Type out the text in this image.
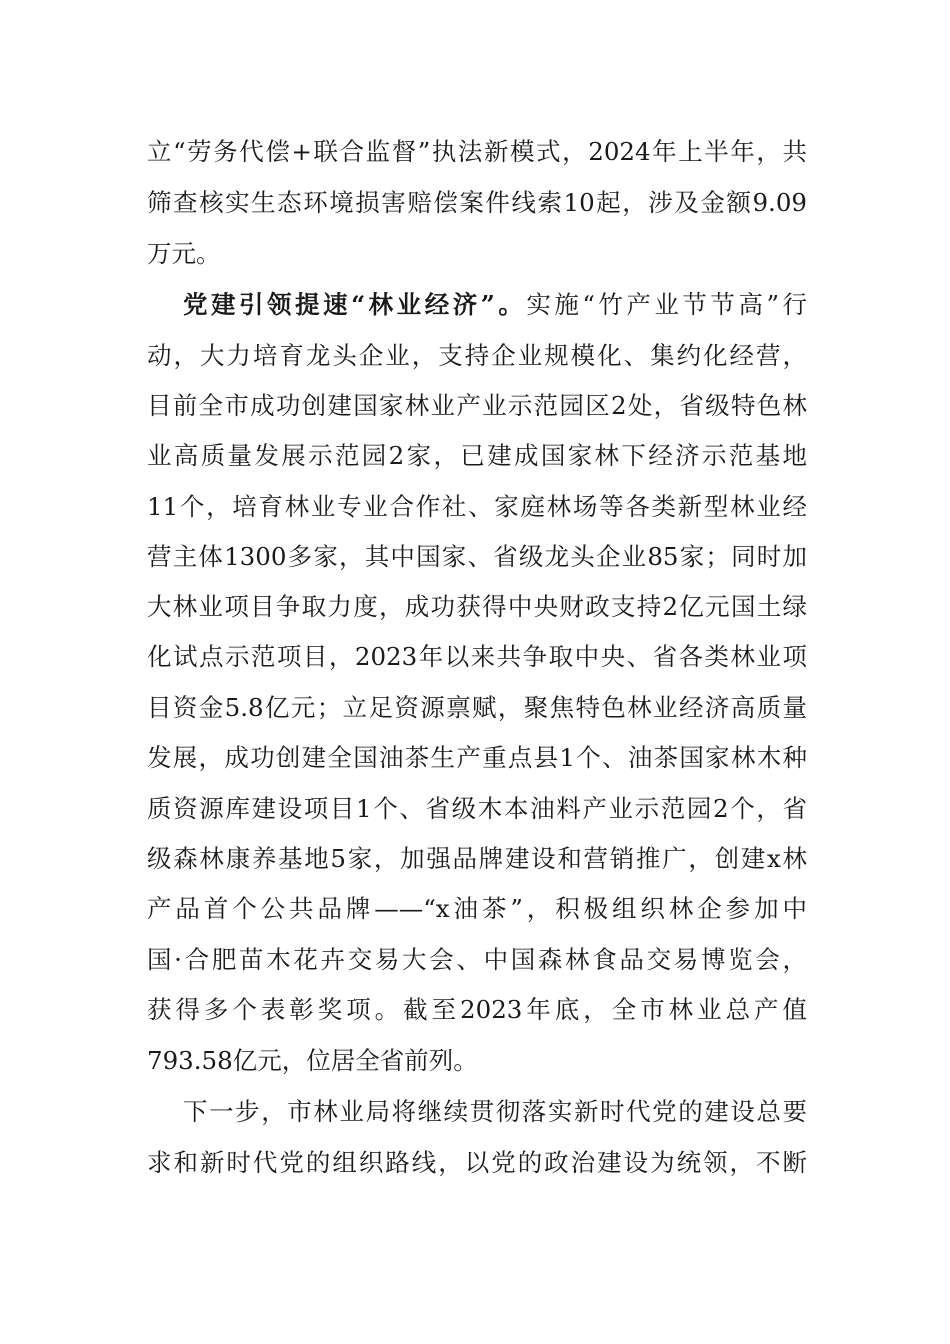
立“劳务代偿+联合监督”执法新模式，2024年上半年，共
筛查核实生态环境损害赔偿案件线索10起，涉及金额9.09
万元。
党建引领提速“林业经济”。实施“竹产业节节高”行
动，大力培育龙头企业，支持企业规模化、集约化经营，
目前全市成功创建国家林业产业示范园区2处，省级特色林
业高质量发展示范园2家，已建成国家林下经济示范基地
11个，培育林业专业合作社、家庭林场等各类新型林业经
营主体1300多家，其中国家、省级龙头企业85家；同时加
大林业项目争取力度，成功获得中央财政支持2亿元国土绿
化试点示范项目，2023年以来共争取中央、省各类林业项
目资金5.8亿元；立足资源禀赋，聚焦特色林业经济高质量
发展，成功创建全国油茶生产重点县1个、油茶国家林木种
质资源库建设项目1个、省级木本油料产业示范园2个，省
级森林康养基地5家，加强品牌建设和营销推广，创建x林
产品首个公共品牌——“x油茶”，积极组织林企参加中
国·合肥苗木花卉交易大会、中国森林食品交易博览会，
获得多个表彰奖项。截至2023年底，全市林业总产值
793.58亿元，位居全省前列。
下一步，市林业局将继续贯彻落实新时代党的建设总要
求和新时代党的组织路线，以党的政治建设为统领，不断
